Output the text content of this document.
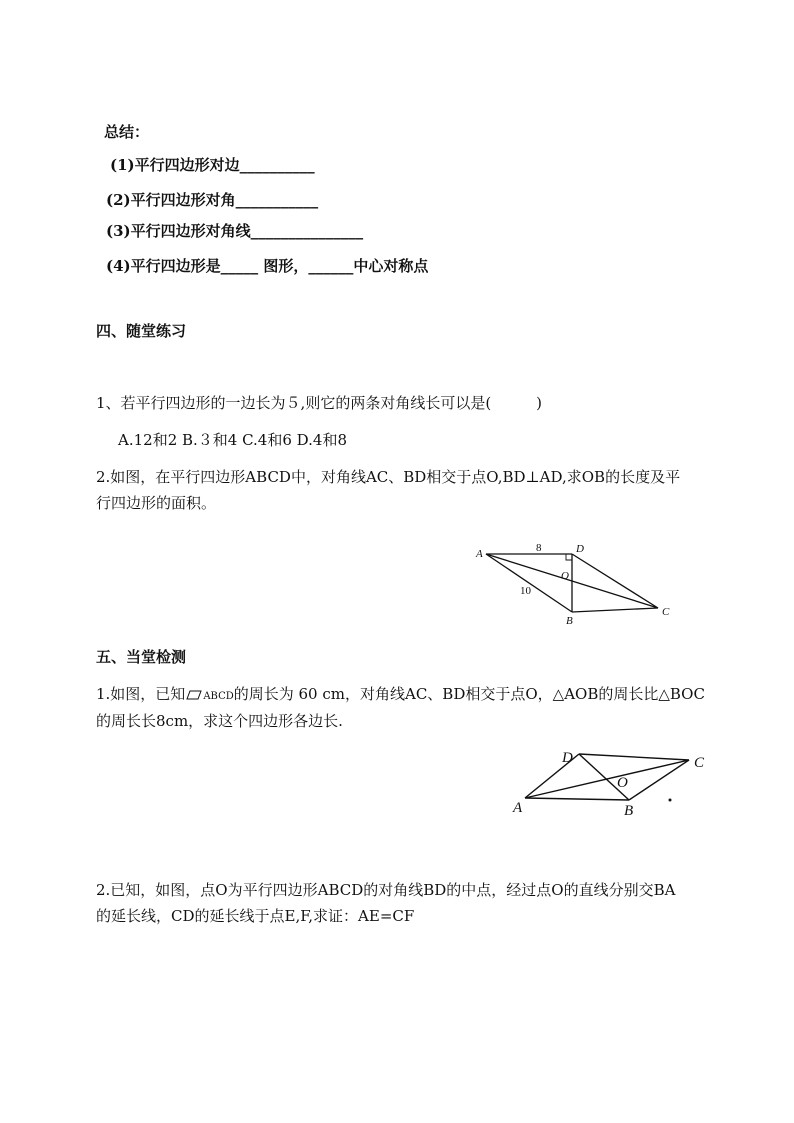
总结：
(1)平行四边形对边__________
(2)平行四边形对角___________
(3)平行四边形对角线_______________
(4)平行四边形是_____ 图形，______中心对称点
四、随堂练习
1、若平行四边形的一边长为５,则它的两条对角线长可以是(　　　)
A.12和2 B.３和4 C.4和6 D.4和8
2.如图，在平行四边形ABCD中，对角线AC、BD相交于点O,BD⊥AD,求OB的长度及平
行四边形的面积。
A	D
O
B
C
8
10
五、当堂检测
1.如图，已知 ABCD的周长为 60 cm，对角线AC、BD相交于点O，△AOB的周长比△BOC
的周长长8cm，求这个四边形各边长.
A
D
O
B
C
2.已知，如图，点O为平行四边形ABCD的对角线BD的中点，经过点O的直线分别交BA
的延长线，CD的延长线于点E,F,求证：AE=CF
